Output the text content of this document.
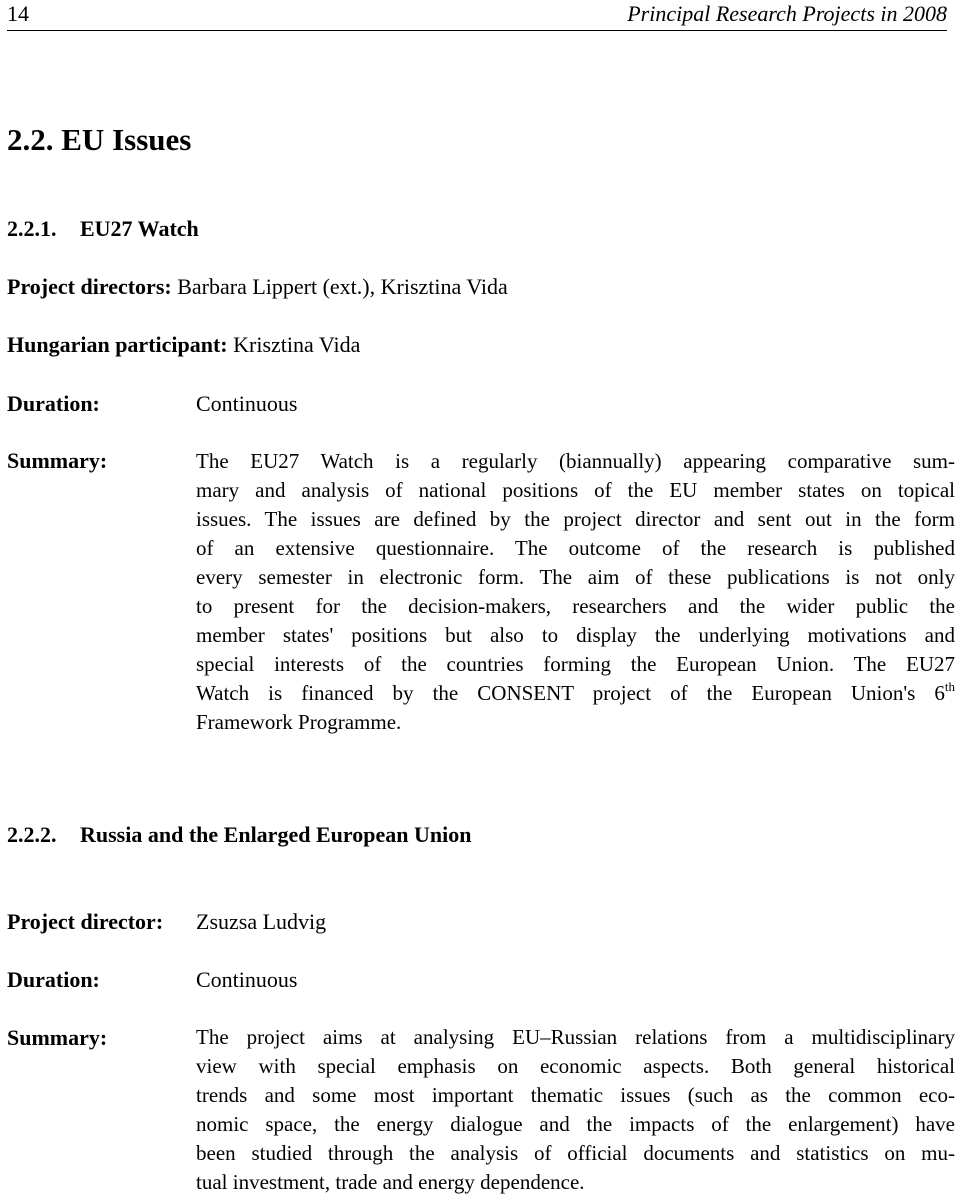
14	Principal Research Projects in 2008
2.2. EU Issues
2.2.1. EU27 Watch
Project directors: Barbara Lippert (ext.), Krisztina Vida
Hungarian participant: Krisztina Vida
Duration:	Continuous
Summary:	The EU27 Watch is a regularly (biannually) appearing comparative sum-
mary and analysis of national positions of the EU member states on topical
issues. The issues are defined by the project director and sent out in the form
of an extensive questionnaire. The outcome of the research is published
every semester in electronic form. The aim of these publications is not only
to present for the decision-makers, researchers and the wider public the
member states' positions but also to display the underlying motivations and
special interests of the countries forming the European Union. The EU27
Watch is financed by the CONSENT project of the European Union's 6th
Framework Programme.
2.2.2. Russia and the Enlarged European Union
Project director: Zsuzsa Ludvig
Duration:	Continuous
Summary:	The project aims at analysing EU–Russian relations from a multidisciplinary
view with special emphasis on economic aspects. Both general historical
trends and some most important thematic issues (such as the common eco-
nomic space, the energy dialogue and the impacts of the enlargement) have
been studied through the analysis of official documents and statistics on mu-
tual investment, trade and energy dependence.
